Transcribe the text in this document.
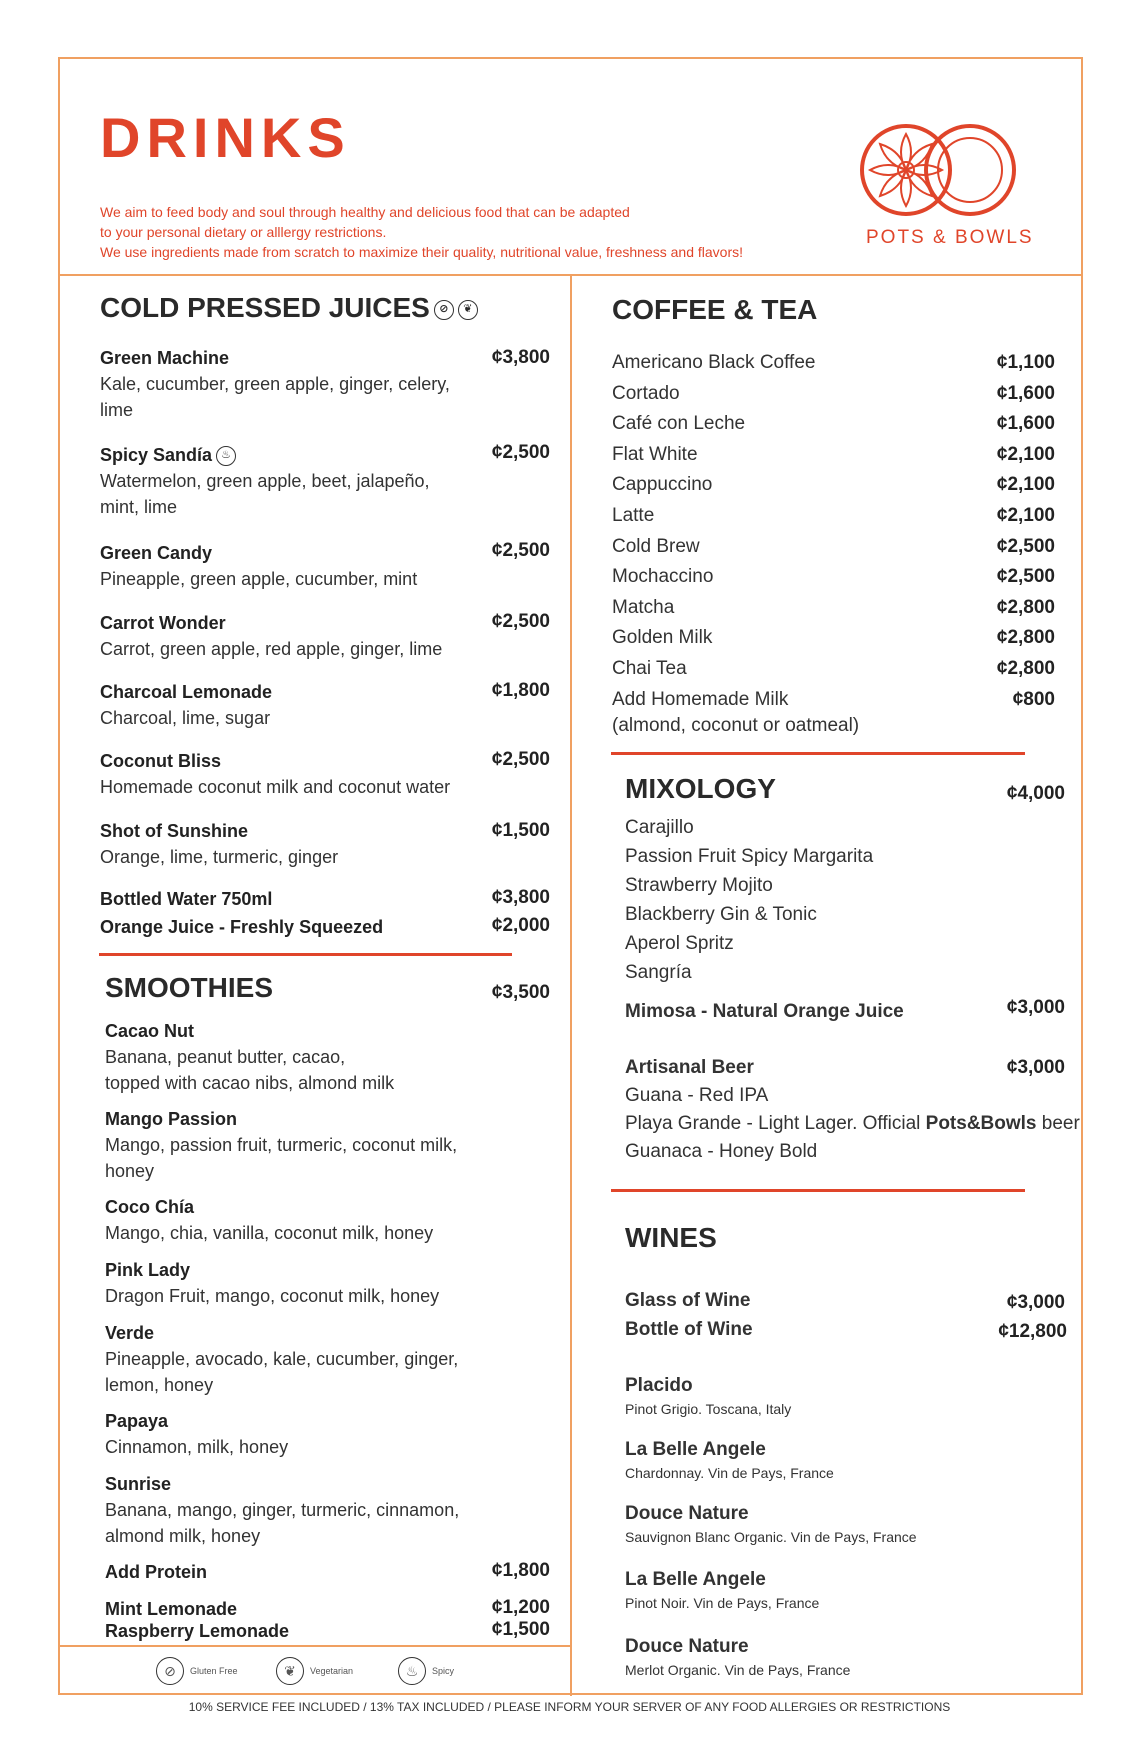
DRINKS
We aim to feed body and soul through healthy and delicious food that can be adapted
to your personal dietary or alllergy restrictions.
We use ingredients made from scratch to maximize their quality, nutritional value, freshness and flavors!
POTS & BOWLS
COLD PRESSED JUICES ⊘ ❦
Green Machine
Kale, cucumber, green apple, ginger, celery,
lime
¢3,800
Spicy Sandía ♨
Watermelon, green apple, beet, jalapeño,
mint, lime
¢2,500
Green Candy
Pineapple, green apple, cucumber, mint
¢2,500
Carrot Wonder
Carrot, green apple, red apple, ginger, lime
¢2,500
Charcoal Lemonade
Charcoal, lime, sugar
¢1,800
Coconut Bliss
Homemade coconut milk and coconut water
¢2,500
Shot of Sunshine
Orange, lime, turmeric, ginger
¢1,500
Bottled Water 750ml	¢3,800
Orange Juice - Freshly Squeezed	¢2,000
SMOOTHIES	¢3,500
Cacao Nut
Banana, peanut butter, cacao,
topped with cacao nibs, almond milk
Mango Passion
Mango, passion fruit, turmeric, coconut milk,
honey
Coco Chía
Mango, chia, vanilla, coconut milk, honey
Pink Lady
Dragon Fruit, mango, coconut milk, honey
Verde
Pineapple, avocado, kale, cucumber, ginger,
lemon, honey
Papaya
Cinnamon, milk, honey
Sunrise
Banana, mango, ginger, turmeric, cinnamon,
almond milk, honey
Add Protein	¢1,800
Mint Lemonade	¢1,200
Raspberry Lemonade	¢1,500
⊘	Gluten Free	❦	Vegetarian	♨	Spicy
COFFEE & TEA
Americano Black Coffee	¢1,100
Cortado	¢1,600
Café con Leche	¢1,600
Flat White	¢2,100
Cappuccino	¢2,100
Latte	¢2,100
Cold Brew	¢2,500
Mochaccino	¢2,500
Matcha	¢2,800
Golden Milk	¢2,800
Chai Tea	¢2,800
Add Homemade Milk	¢800
(almond, coconut or oatmeal)
MIXOLOGY	¢4,000
Carajillo
Passion Fruit Spicy Margarita
Strawberry Mojito
Blackberry Gin & Tonic
Aperol Spritz
Sangría
Mimosa - Natural Orange Juice	¢3,000
Artisanal Beer	¢3,000
Guana - Red IPA
Playa Grande - Light Lager. Official Pots&Bowls beer
Guanaca - Honey Bold
WINES
Glass of Wine	¢3,000
Bottle of Wine	¢12,800
Placido
Pinot Grigio. Toscana, Italy
La Belle Angele
Chardonnay. Vin de Pays, France
Douce Nature
Sauvignon Blanc Organic. Vin de Pays, France
La Belle Angele
Pinot Noir. Vin de Pays, France
Douce Nature
Merlot Organic. Vin de Pays, France
10% SERVICE FEE INCLUDED / 13% TAX INCLUDED / PLEASE INFORM YOUR SERVER OF ANY FOOD ALLERGIES OR RESTRICTIONS
